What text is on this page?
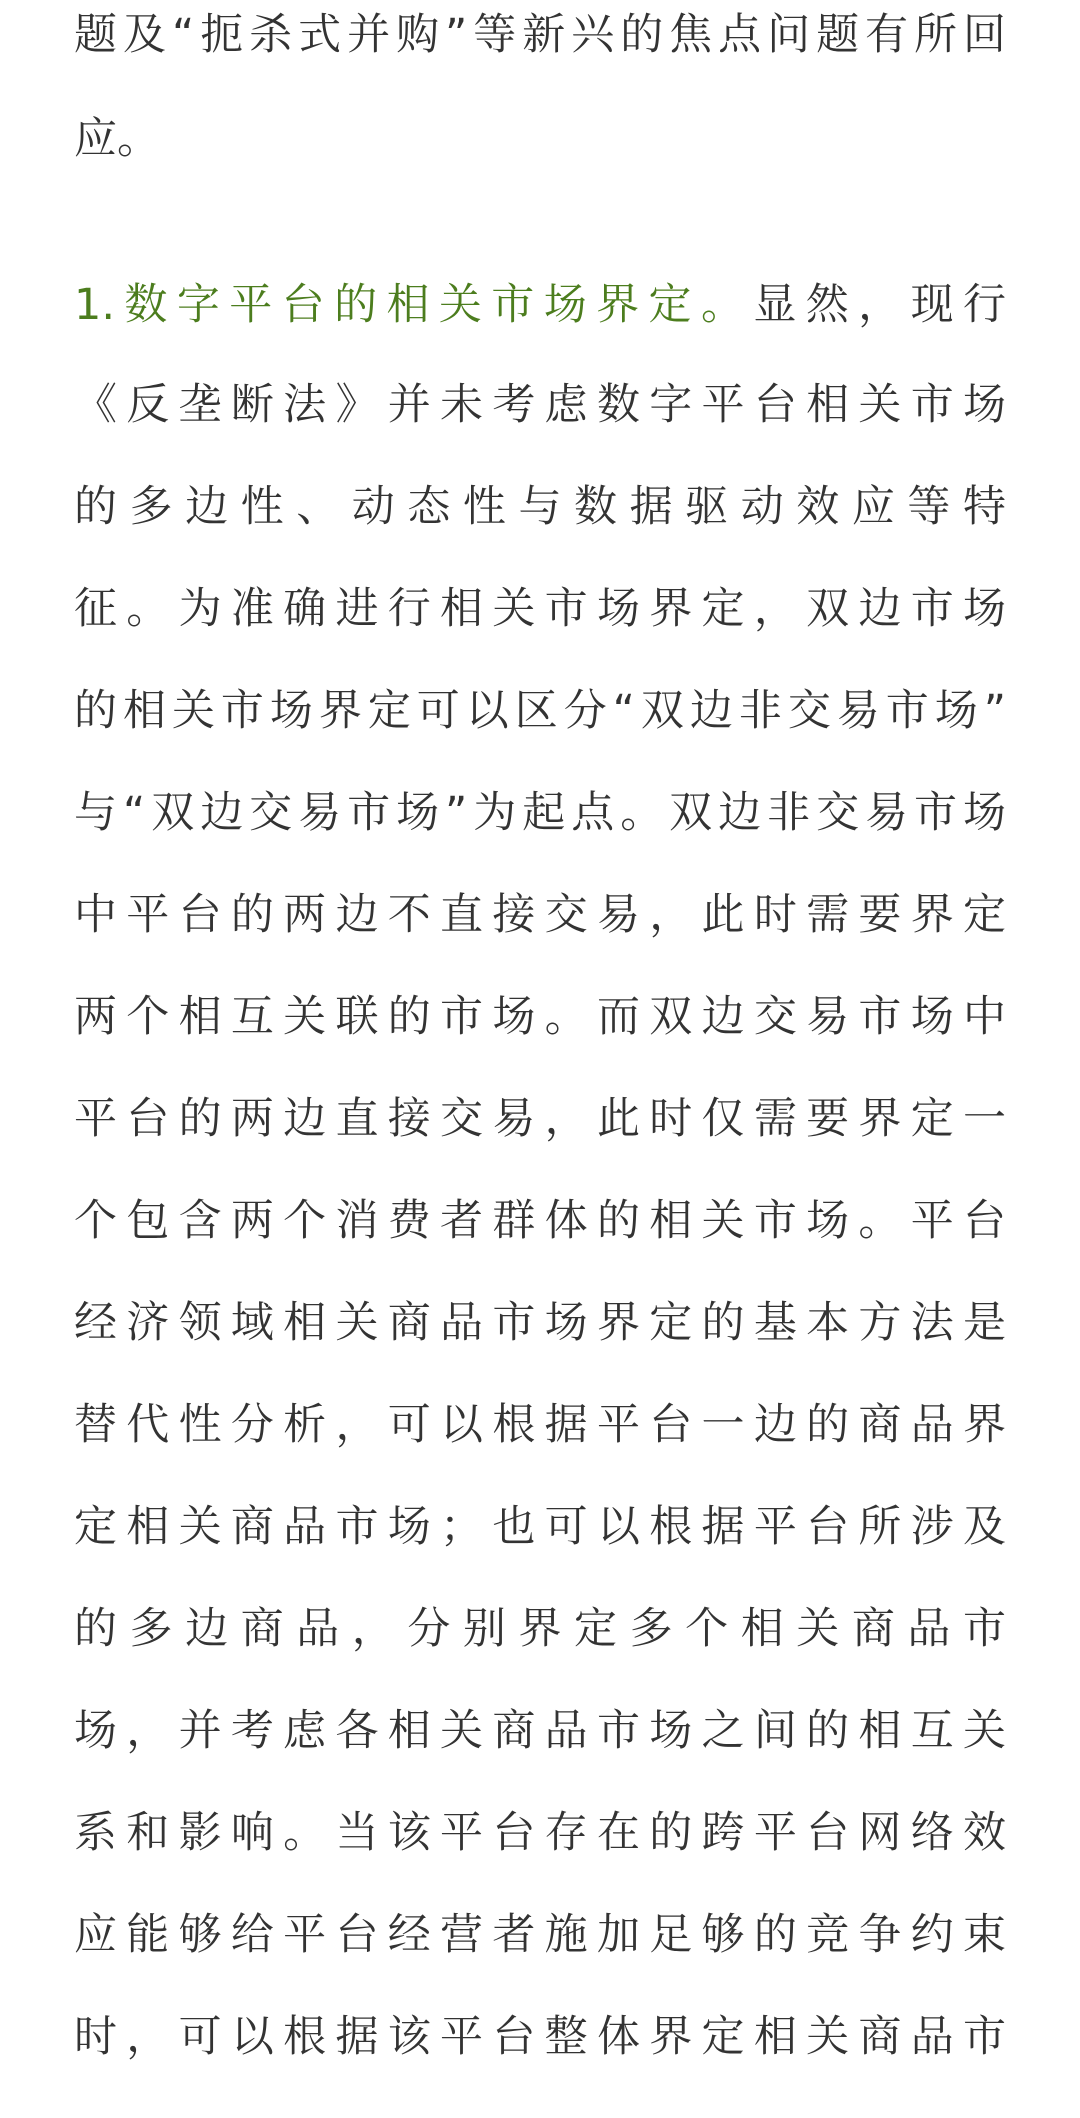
题及“扼杀式并购”等新兴的焦点问题有所回
应。
1.数字平台的相关市场界定。显然，现行
《反垄断法》并未考虑数字平台相关市场
的多边性、动态性与数据驱动效应等特
征。为准确进行相关市场界定，双边市场
的相关市场界定可以区分“双边非交易市场”
与“双边交易市场”为起点。双边非交易市场
中平台的两边不直接交易，此时需要界定
两个相互关联的市场。而双边交易市场中
平台的两边直接交易，此时仅需要界定一
个包含两个消费者群体的相关市场。平台
经济领域相关商品市场界定的基本方法是
替代性分析，可以根据平台一边的商品界
定相关商品市场；也可以根据平台所涉及
的多边商品，分别界定多个相关商品市
场，并考虑各相关商品市场之间的相互关
系和影响。当该平台存在的跨平台网络效
应能够给平台经营者施加足够的竞争约束
时，可以根据该平台整体界定相关商品市
